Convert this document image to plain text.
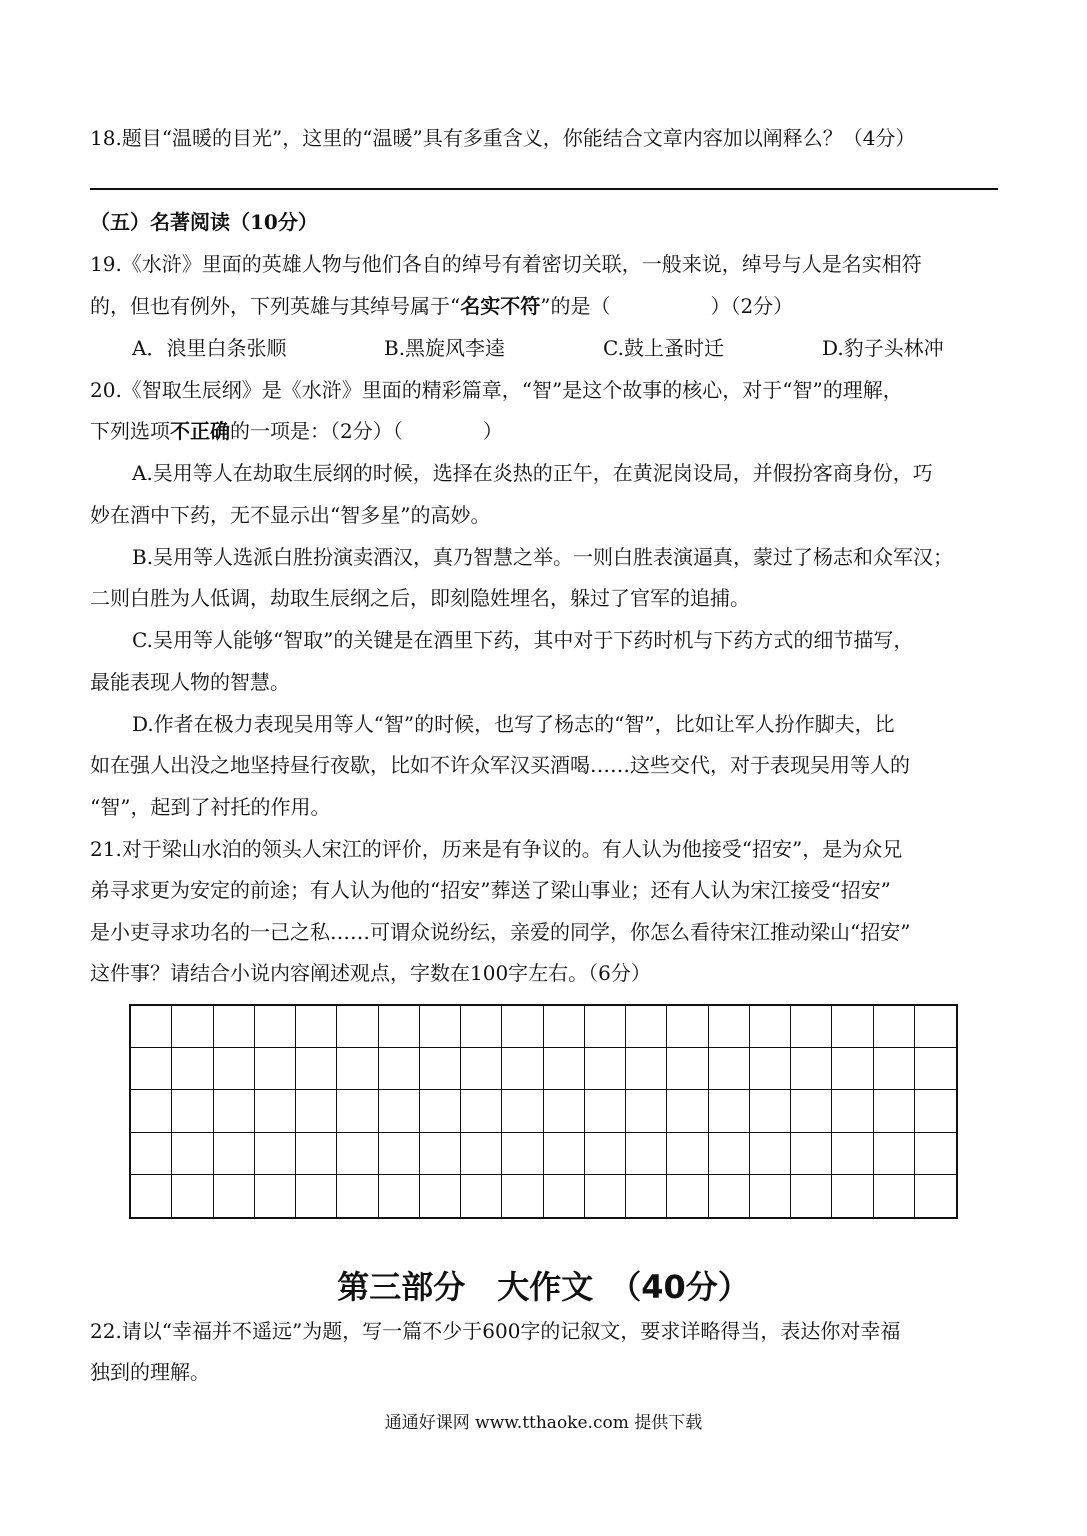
18.题目“温暖的目光”，这里的“温暖”具有多重含义，你能结合文章内容加以阐释么？（4分）
（五）名著阅读（10分）
19.《水浒》里面的英雄人物与他们各自的绰号有着密切关联，一般来说，绰号与人是名实相符
的，但也有例外，下列英雄与其绰号属于“名实不符”的是（　　　　　）（2分）
A．浪里白条张顺	B.黑旋风李逵	C.鼓上蚤时迁	D.豹子头林冲
20.《智取生辰纲》是《水浒》里面的精彩篇章，“智”是这个故事的核心，对于“智”的理解，
下列选项不正确的一项是：（2分）（　　　　）
A.吴用等人在劫取生辰纲的时候，选择在炎热的正午，在黄泥岗设局，并假扮客商身份，巧
妙在酒中下药，无不显示出“智多星”的高妙。
B.吴用等人选派白胜扮演卖酒汉，真乃智慧之举。一则白胜表演逼真，蒙过了杨志和众军汉；
二则白胜为人低调，劫取生辰纲之后，即刻隐姓埋名，躲过了官军的追捕。
C.吴用等人能够“智取”的关键是在酒里下药，其中对于下药时机与下药方式的细节描写，
最能表现人物的智慧。
D.作者在极力表现吴用等人“智”的时候，也写了杨志的“智”，比如让军人扮作脚夫，比
如在强人出没之地坚持昼行夜歇，比如不许众军汉买酒喝……这些交代，对于表现吴用等人的
“智”，起到了衬托的作用。
21.对于梁山水泊的领头人宋江的评价，历来是有争议的。有人认为他接受“招安”，是为众兄
弟寻求更为安定的前途；有人认为他的“招安”葬送了梁山事业；还有人认为宋江接受“招安”
是小吏寻求功名的一己之私……可谓众说纷纭，亲爱的同学，你怎么看待宋江推动梁山“招安”
这件事？请结合小说内容阐述观点，字数在100字左右。（6分）
第三部分　大作文　（40分）
22.请以“幸福并不遥远”为题，写一篇不少于600字的记叙文，要求详略得当，表达你对幸福
独到的理解。
通通好课网 www.tthaoke.com 提供下载
